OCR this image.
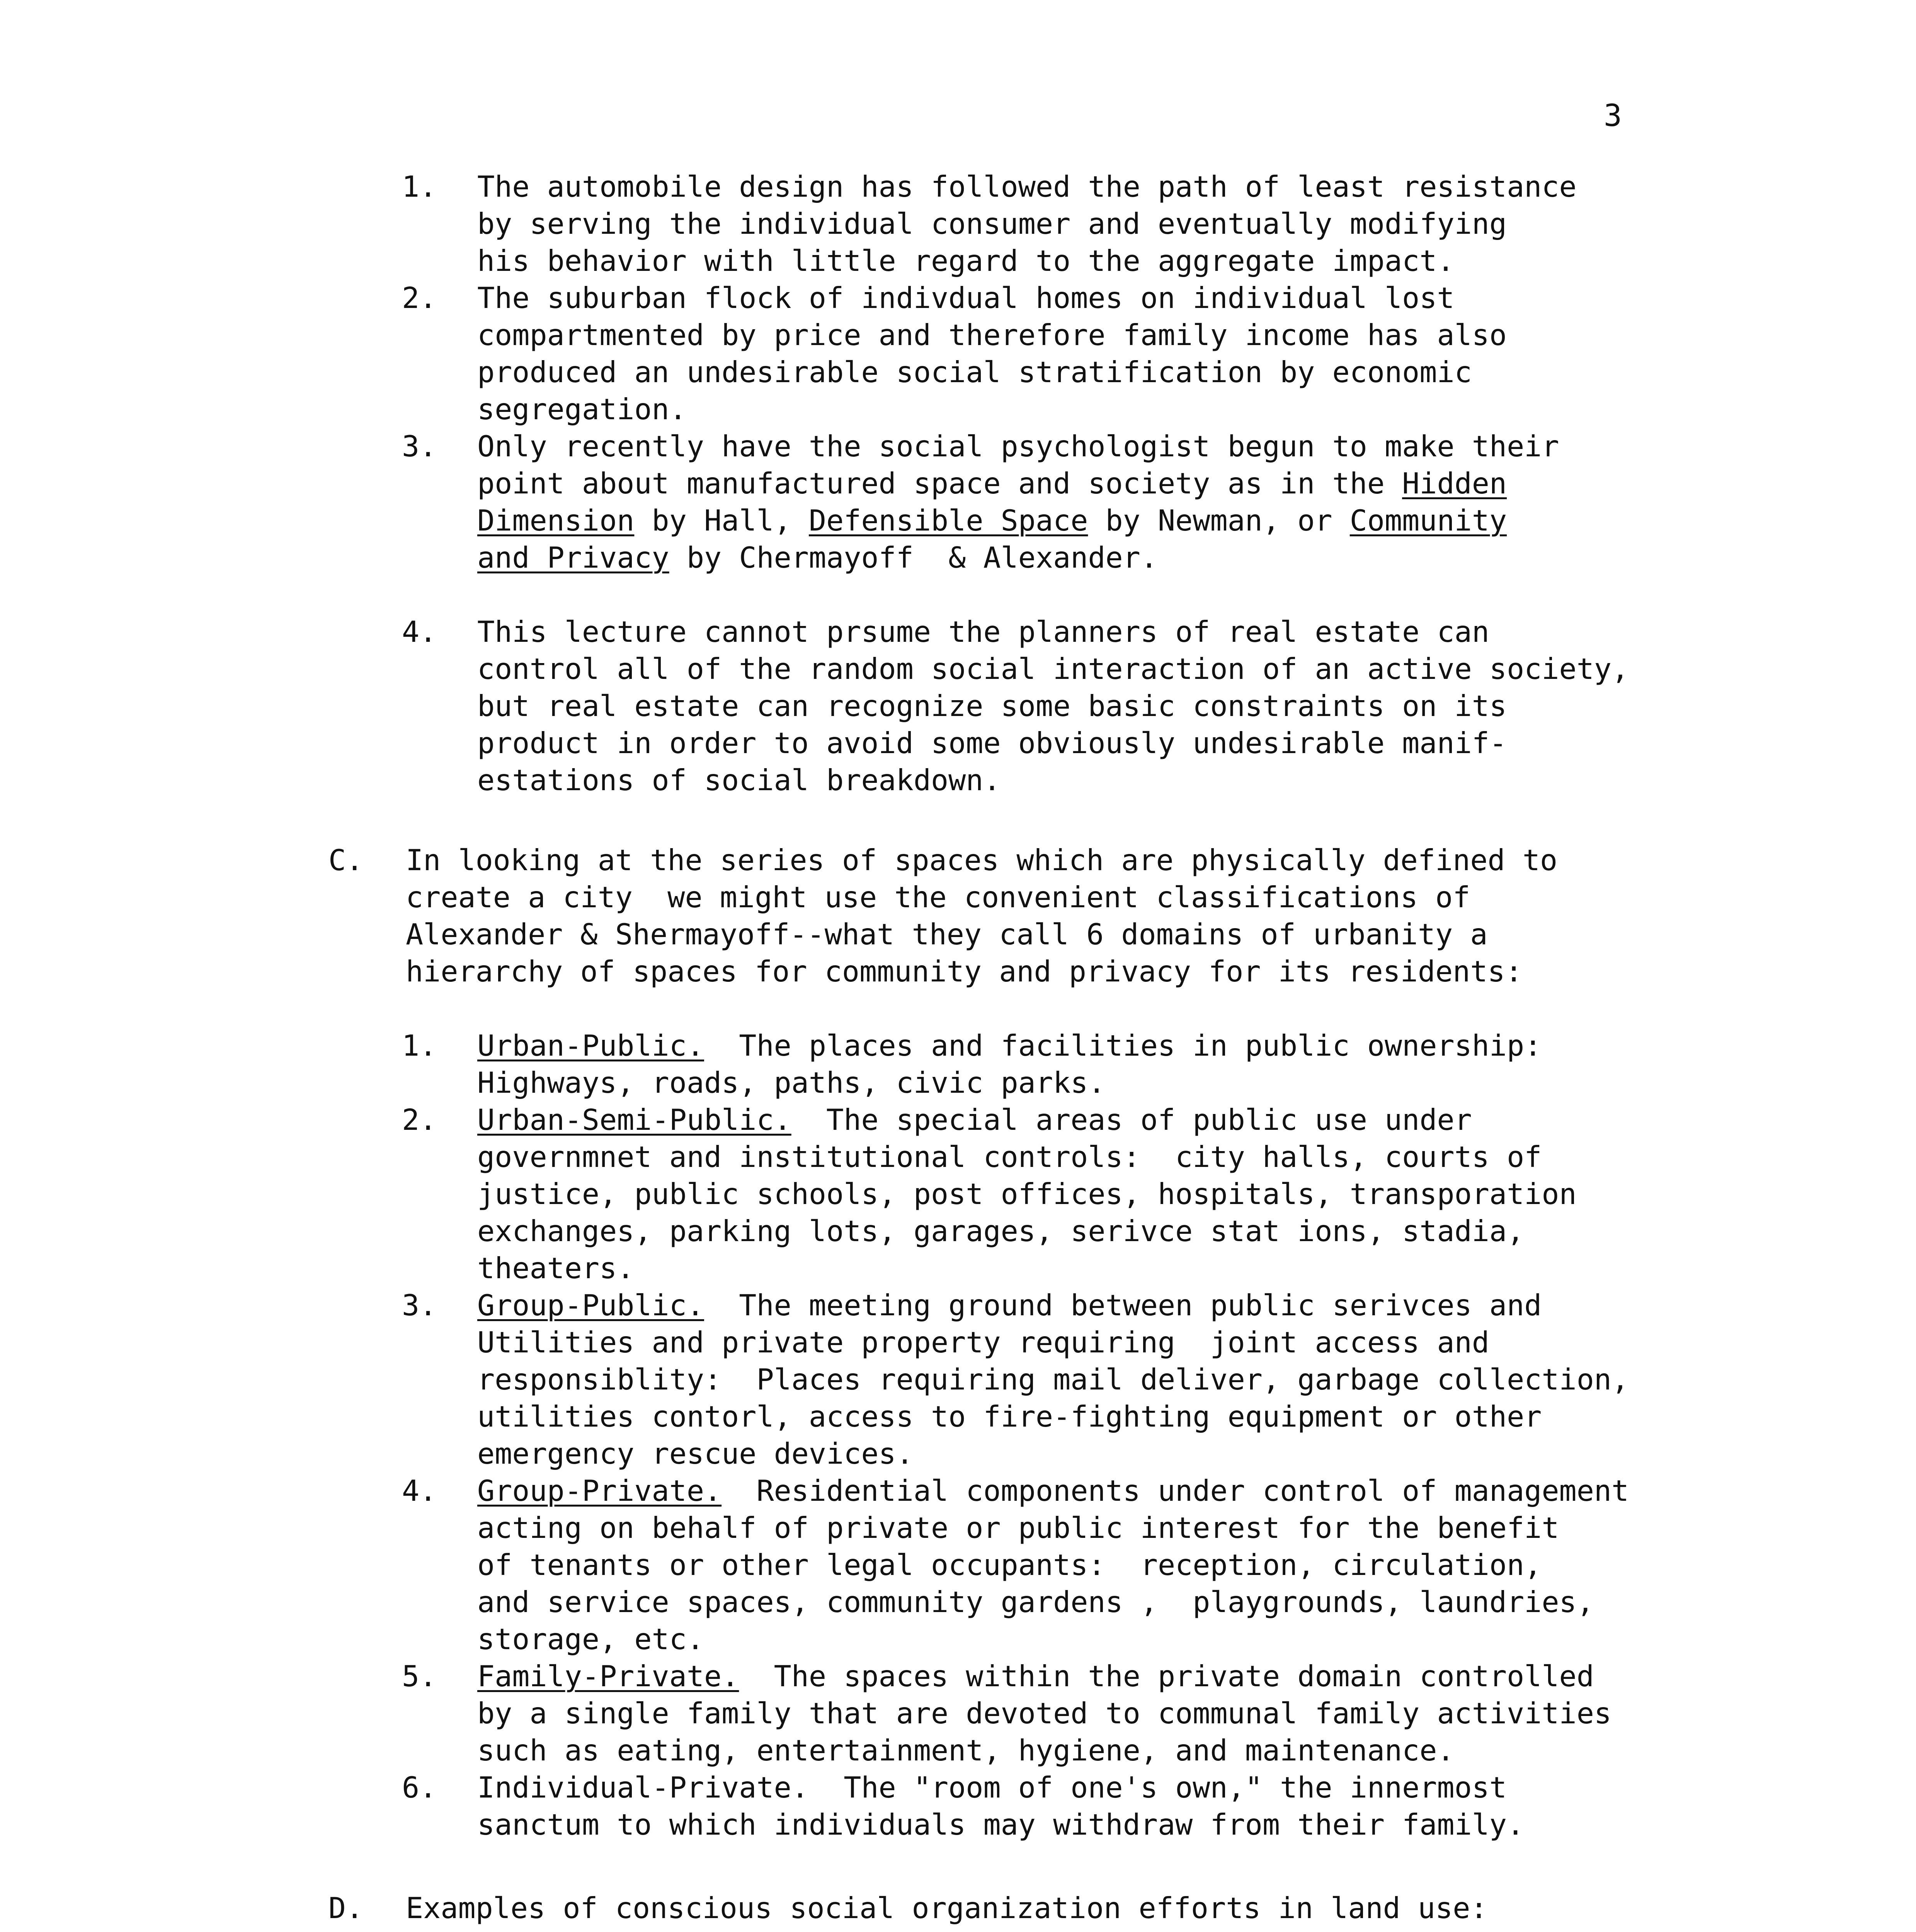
3
1.	The automobile design has followed the path of least resistance
by serving the individual consumer and eventually modifying
his behavior with little regard to the aggregate impact.
2.	The suburban flock of indivdual homes on individual lost
compartmented by price and therefore family income has also
produced an undesirable social stratification by economic
segregation.
3.	Only recently have the social psychologist begun to make their
point about manufactured space and society as in the Hidden
Dimension by Hall, Defensible Space by Newman, or Community
and Privacy by Chermayoff  & Alexander.
4.	This lecture cannot prsume the planners of real estate can
control all of the random social interaction of an active society,
but real estate can recognize some basic constraints on its
product in order to avoid some obviously undesirable manif-
estations of social breakdown.
C.	In looking at the series of spaces which are physically defined to
create a city  we might use the convenient classifications of
Alexander & Shermayoff--what they call 6 domains of urbanity a
hierarchy of spaces for community and privacy for its residents:
1.	Urban-Public.  The places and facilities in public ownership:
Highways, roads, paths, civic parks.
2.	Urban-Semi-Public.  The special areas of public use under
governmnet and institutional controls:  city halls, courts of
justice, public schools, post offices, hospitals, transporation
exchanges, parking lots, garages, serivce stat ions, stadia,
theaters.
3.	Group-Public.  The meeting ground between public serivces and
Utilities and private property requiring  joint access and
responsiblity:  Places requiring mail deliver, garbage collection,
utilities contorl, access to fire-fighting equipment or other
emergency rescue devices.
4.	Group-Private.  Residential components under control of management
acting on behalf of private or public interest for the benefit
of tenants or other legal occupants:  reception, circulation,
and service spaces, community gardens ,  playgrounds, laundries,
storage, etc.
5.	Family-Private.  The spaces within the private domain controlled
by a single family that are devoted to communal family activities
such as eating, entertainment, hygiene, and maintenance.
6.	Individual-Private.  The "room of one's own," the innermost
sanctum to which individuals may withdraw from their family.
D.	Examples of conscious social organization efforts in land use:
